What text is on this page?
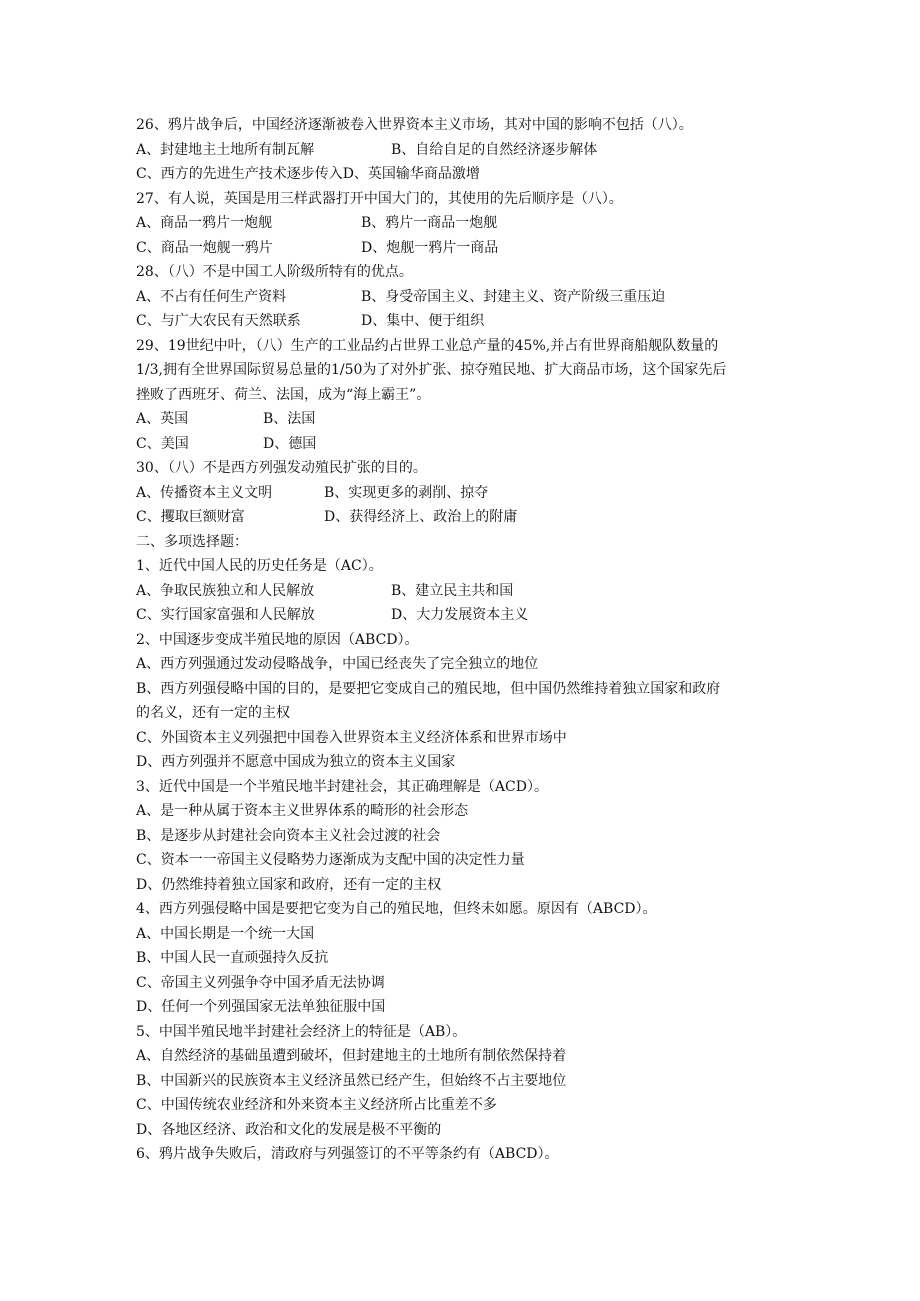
26、鸦片战争后，中国经济逐渐被卷入世界资本主义市场，其对中国的影响不包括（八）。
A、封建地主土地所有制瓦解	B、自给自足的自然经济逐步解体
C、西方的先进生产技术逐步传入D、英国输华商品激增
27、有人说，英国是用三样武器打开中国大门的，其使用的先后顺序是（八）。
A、商品一鸦片一炮舰	B、鸦片一商品一炮舰
C、商品一炮舰一鸦片	D、炮舰一鸦片一商品
28、（八）不是中国工人阶级所特有的优点。
A、不占有任何生产资料	B、身受帝国主义、封建主义、资产阶级三重压迫
C、与广大农民有天然联系	D、集中、便于组织
29、19世纪中叶，（八）生产的工业品约占世界工业总产量的45%,并占有世界商船舰队数量的
1/3,拥有全世界国际贸易总量的1/50为了对外扩张、掠夺殖民地、扩大商品市场，这个国家先后
挫败了西班牙、荷兰、法国，成为“海上霸王”。
A、英国	B、法国
C、美国	D、德国
30、（八）不是西方列强发动殖民扩张的目的。
A、传播资本主义文明	B、实现更多的剥削、掠夺
C、攫取巨额财富	D、获得经济上、政治上的附庸
二、多项选择题：
1、近代中国人民的历史任务是（AC）。
A、争取民族独立和人民解放	B、建立民主共和国
C、实行国家富强和人民解放	D、大力发展资本主义
2、中国逐步变成半殖民地的原因（ABCD）。
A、西方列强通过发动侵略战争，中国已经丧失了完全独立的地位
B、西方列强侵略中国的目的，是要把它变成自己的殖民地，但中国仍然维持着独立国家和政府
的名义，还有一定的主权
C、外国资本主义列强把中国卷入世界资本主义经济体系和世界市场中
D、西方列强并不愿意中国成为独立的资本主义国家
3、近代中国是一个半殖民地半封建社会，其正确理解是（ACD）。
A、是一种从属于资本主义世界体系的畸形的社会形态
B、是逐步从封建社会向资本主义社会过渡的社会
C、资本一一帝国主义侵略势力逐渐成为支配中国的决定性力量
D、仍然维持着独立国家和政府，还有一定的主权
4、西方列强侵略中国是要把它变为自己的殖民地，但终未如愿。原因有（ABCD）。
A、中国长期是一个统一大国
B、中国人民一直顽强持久反抗
C、帝国主义列强争夺中国矛盾无法协调
D、任何一个列强国家无法单独征服中国
5、中国半殖民地半封建社会经济上的特征是（AB）。
A、自然经济的基础虽遭到破坏，但封建地主的土地所有制依然保持着
B、中国新兴的民族资本主义经济虽然已经产生，但始终不占主要地位
C、中国传统农业经济和外来资本主义经济所占比重差不多
D、各地区经济、政治和文化的发展是极不平衡的
6、鸦片战争失败后，清政府与列强签订的不平等条约有（ABCD）。
